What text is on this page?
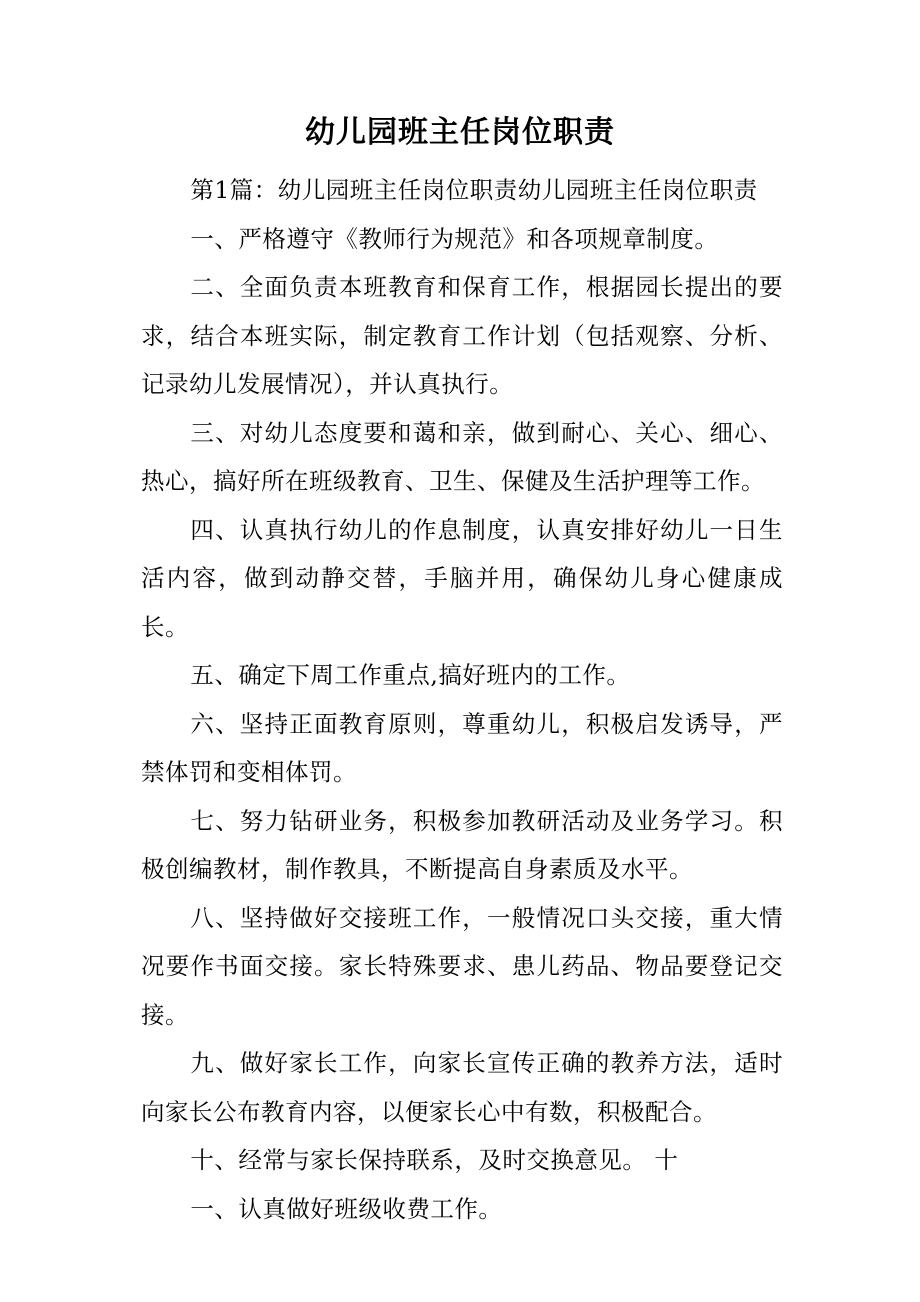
幼儿园班主任岗位职责

第1篇：幼儿园班主任岗位职责幼儿园班主任岗位职责

一、严格遵守《教师行为规范》和各项规章制度。

二、全面负责本班教育和保育工作，根据园长提出的要求，结合本班实际，制定教育工作计划（包括观察、分析、记录幼儿发展情况），并认真执行。

三、对幼儿态度要和蔼和亲，做到耐心、关心、细心、热心，搞好所在班级教育、卫生、保健及生活护理等工作。

四、认真执行幼儿的作息制度，认真安排好幼儿一日生活内容，做到动静交替，手脑并用，确保幼儿身心健康成长。

五、确定下周工作重点,搞好班内的工作。

六、坚持正面教育原则，尊重幼儿，积极启发诱导，严禁体罚和变相体罚。

七、努力钻研业务，积极参加教研活动及业务学习。积极创编教材，制作教具，不断提高自身素质及水平。

八、坚持做好交接班工作，一般情况口头交接，重大情况要作书面交接。家长特殊要求、患儿药品、物品要登记交接。

九、做好家长工作，向家长宣传正确的教养方法，适时向家长公布教育内容，以便家长心中有数，积极配合。

十、经常与家长保持联系，及时交换意见。 十

一、认真做好班级收费工作。
